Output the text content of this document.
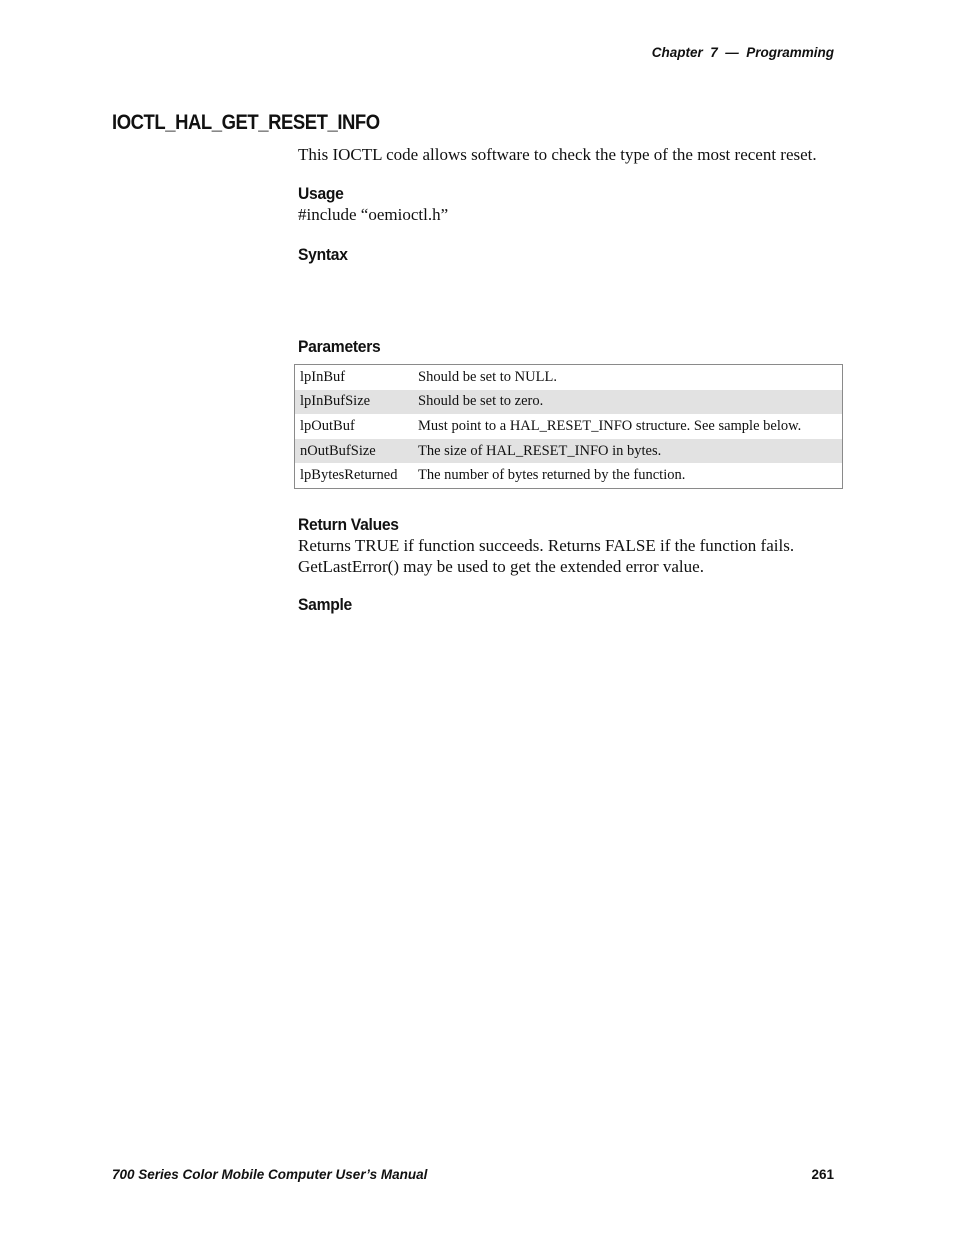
Chapter  7  —  Programming
IOCTL_HAL_GET_RESET_INFO

This IOCTL code allows software to check the type of the most recent reset.

Usage

#include “oemioctl.h”

Syntax
Parameters
lpInBuf	Should be set to NULL.
lpInBufSize	Should be set to zero.
lpOutBuf	Must point to a HAL_RESET_INFO structure. See sample below.
nOutBufSize	The size of HAL_RESET_INFO in bytes.
lpBytesReturned	The number of bytes returned by the function.
Return Values

Returns TRUE if function succeeds. Returns FALSE if the function fails. GetLastError() may be used to get the extended error value.

Sample
700 Series Color Mobile Computer User’s Manual	261
